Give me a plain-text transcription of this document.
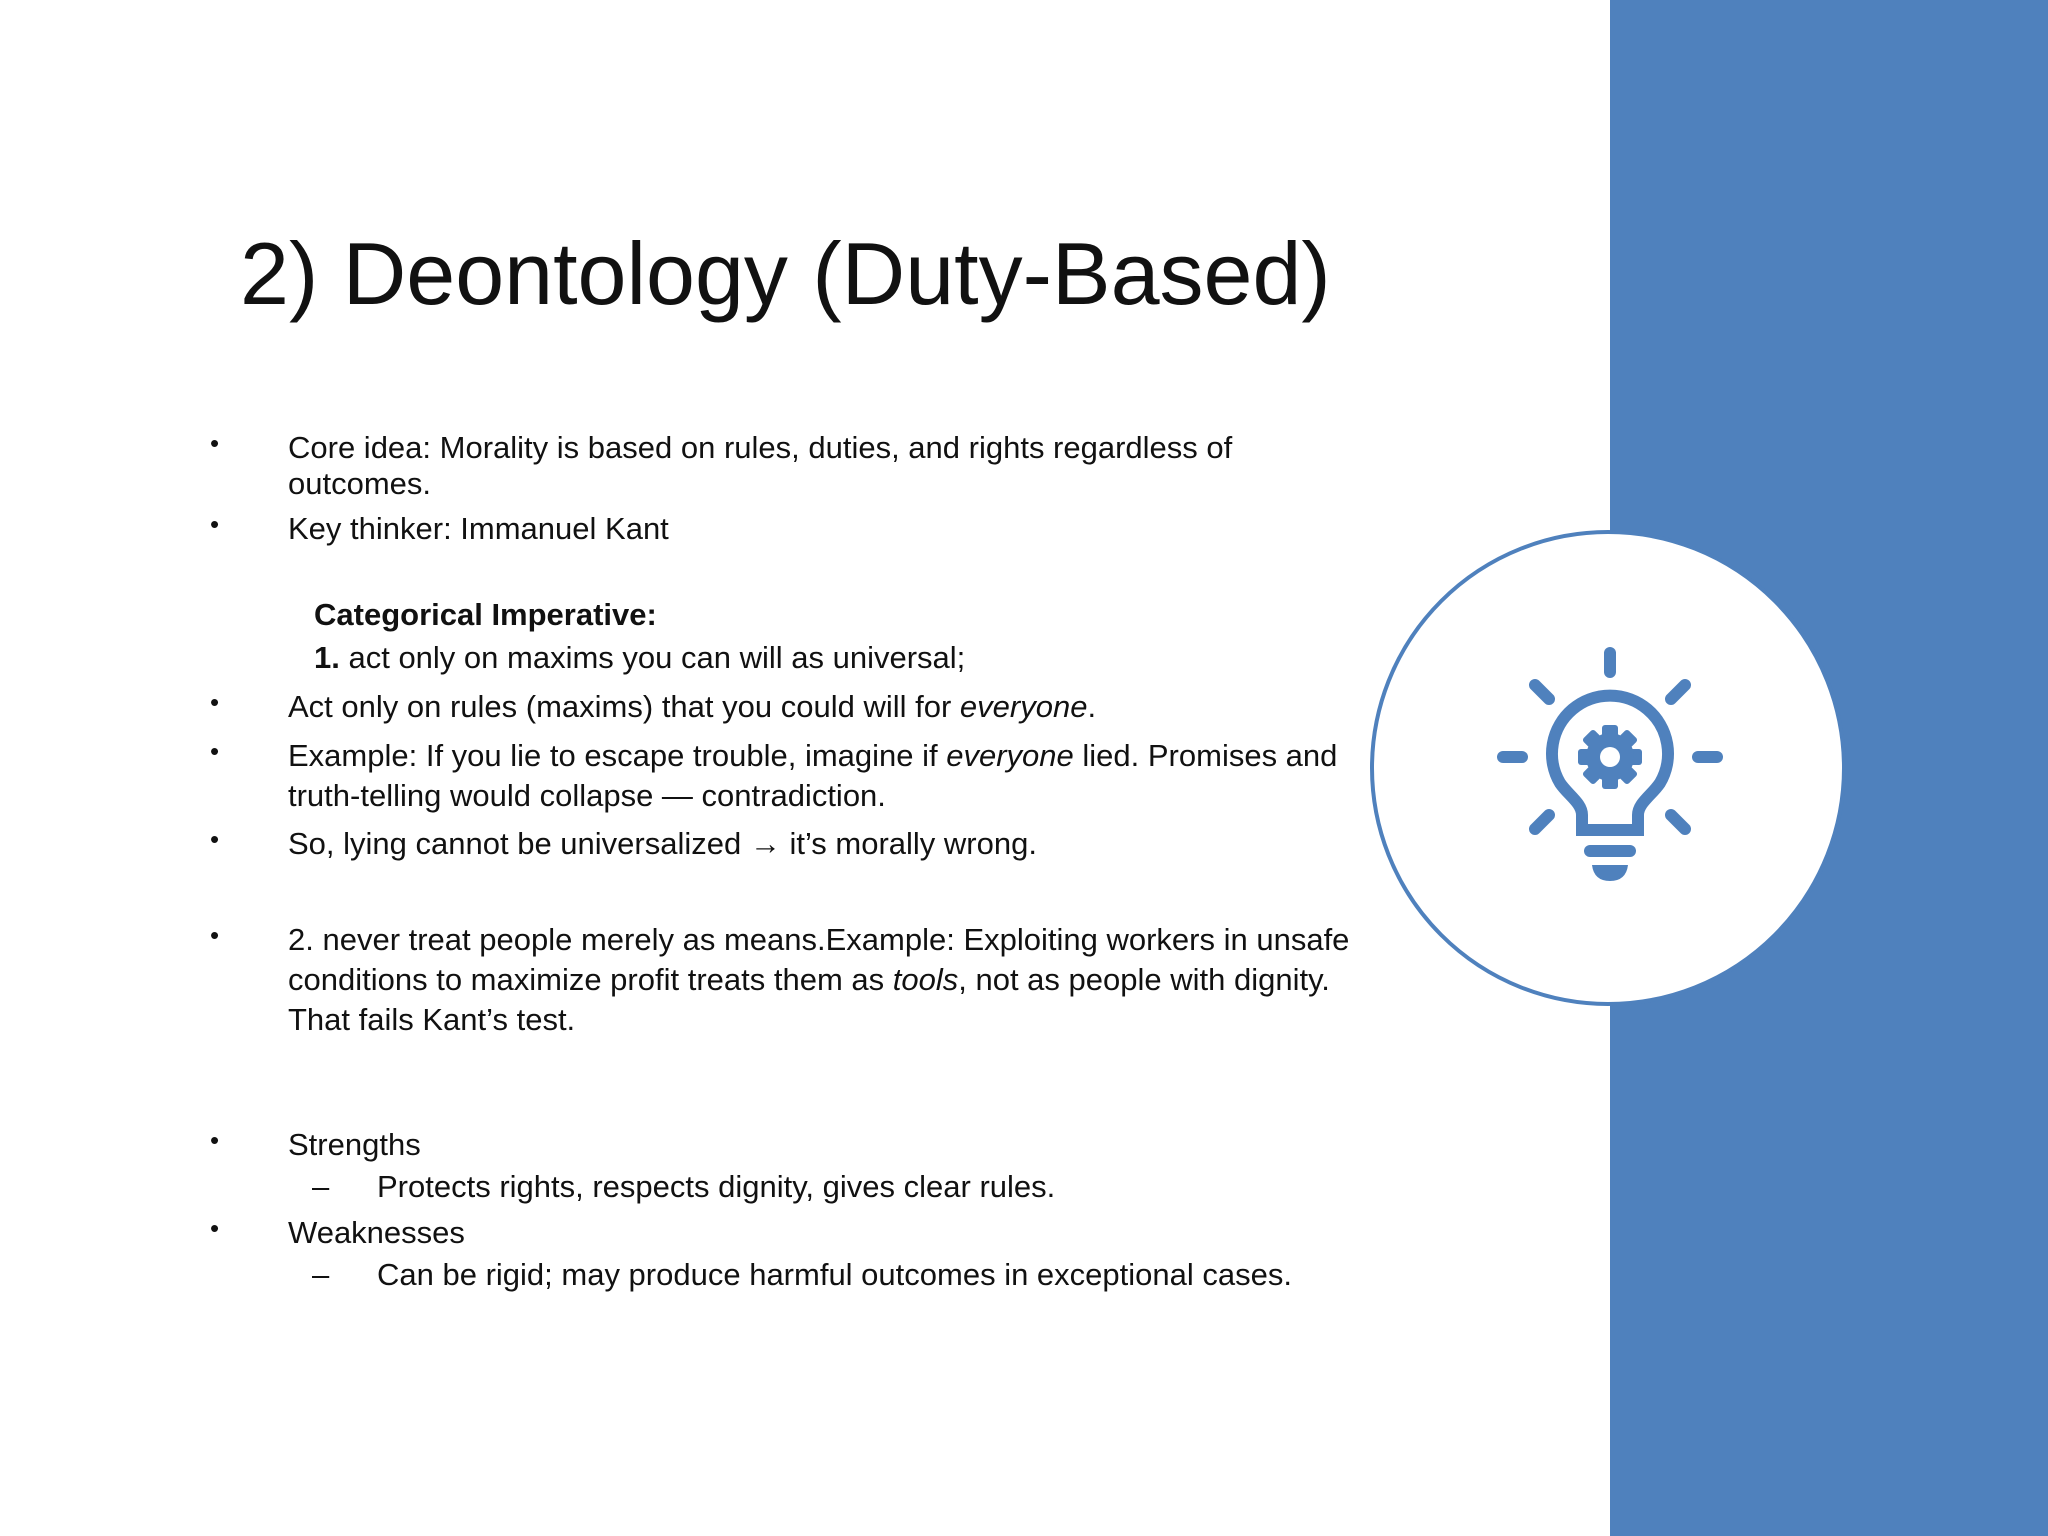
2) Deontology (Duty-Based)
• Core idea: Morality is based on rules, duties, and rights regardless of
outcomes.
• Key thinker: Immanuel Kant
Categorical Imperative:
1. act only on maxims you can will as universal;
• Act only on rules (maxims) that you could will for everyone.
• Example: If you lie to escape trouble, imagine if everyone lied. Promises and
truth-telling would collapse — contradiction.
• So, lying cannot be universalized → it’s morally wrong.
• 2. never treat people merely as means.Example: Exploiting workers in unsafe
conditions to maximize profit treats them as tools, not as people with dignity.
That fails Kant’s test.
• Strengths
– Protects rights, respects dignity, gives clear rules.
• Weaknesses
– Can be rigid; may produce harmful outcomes in exceptional cases.
